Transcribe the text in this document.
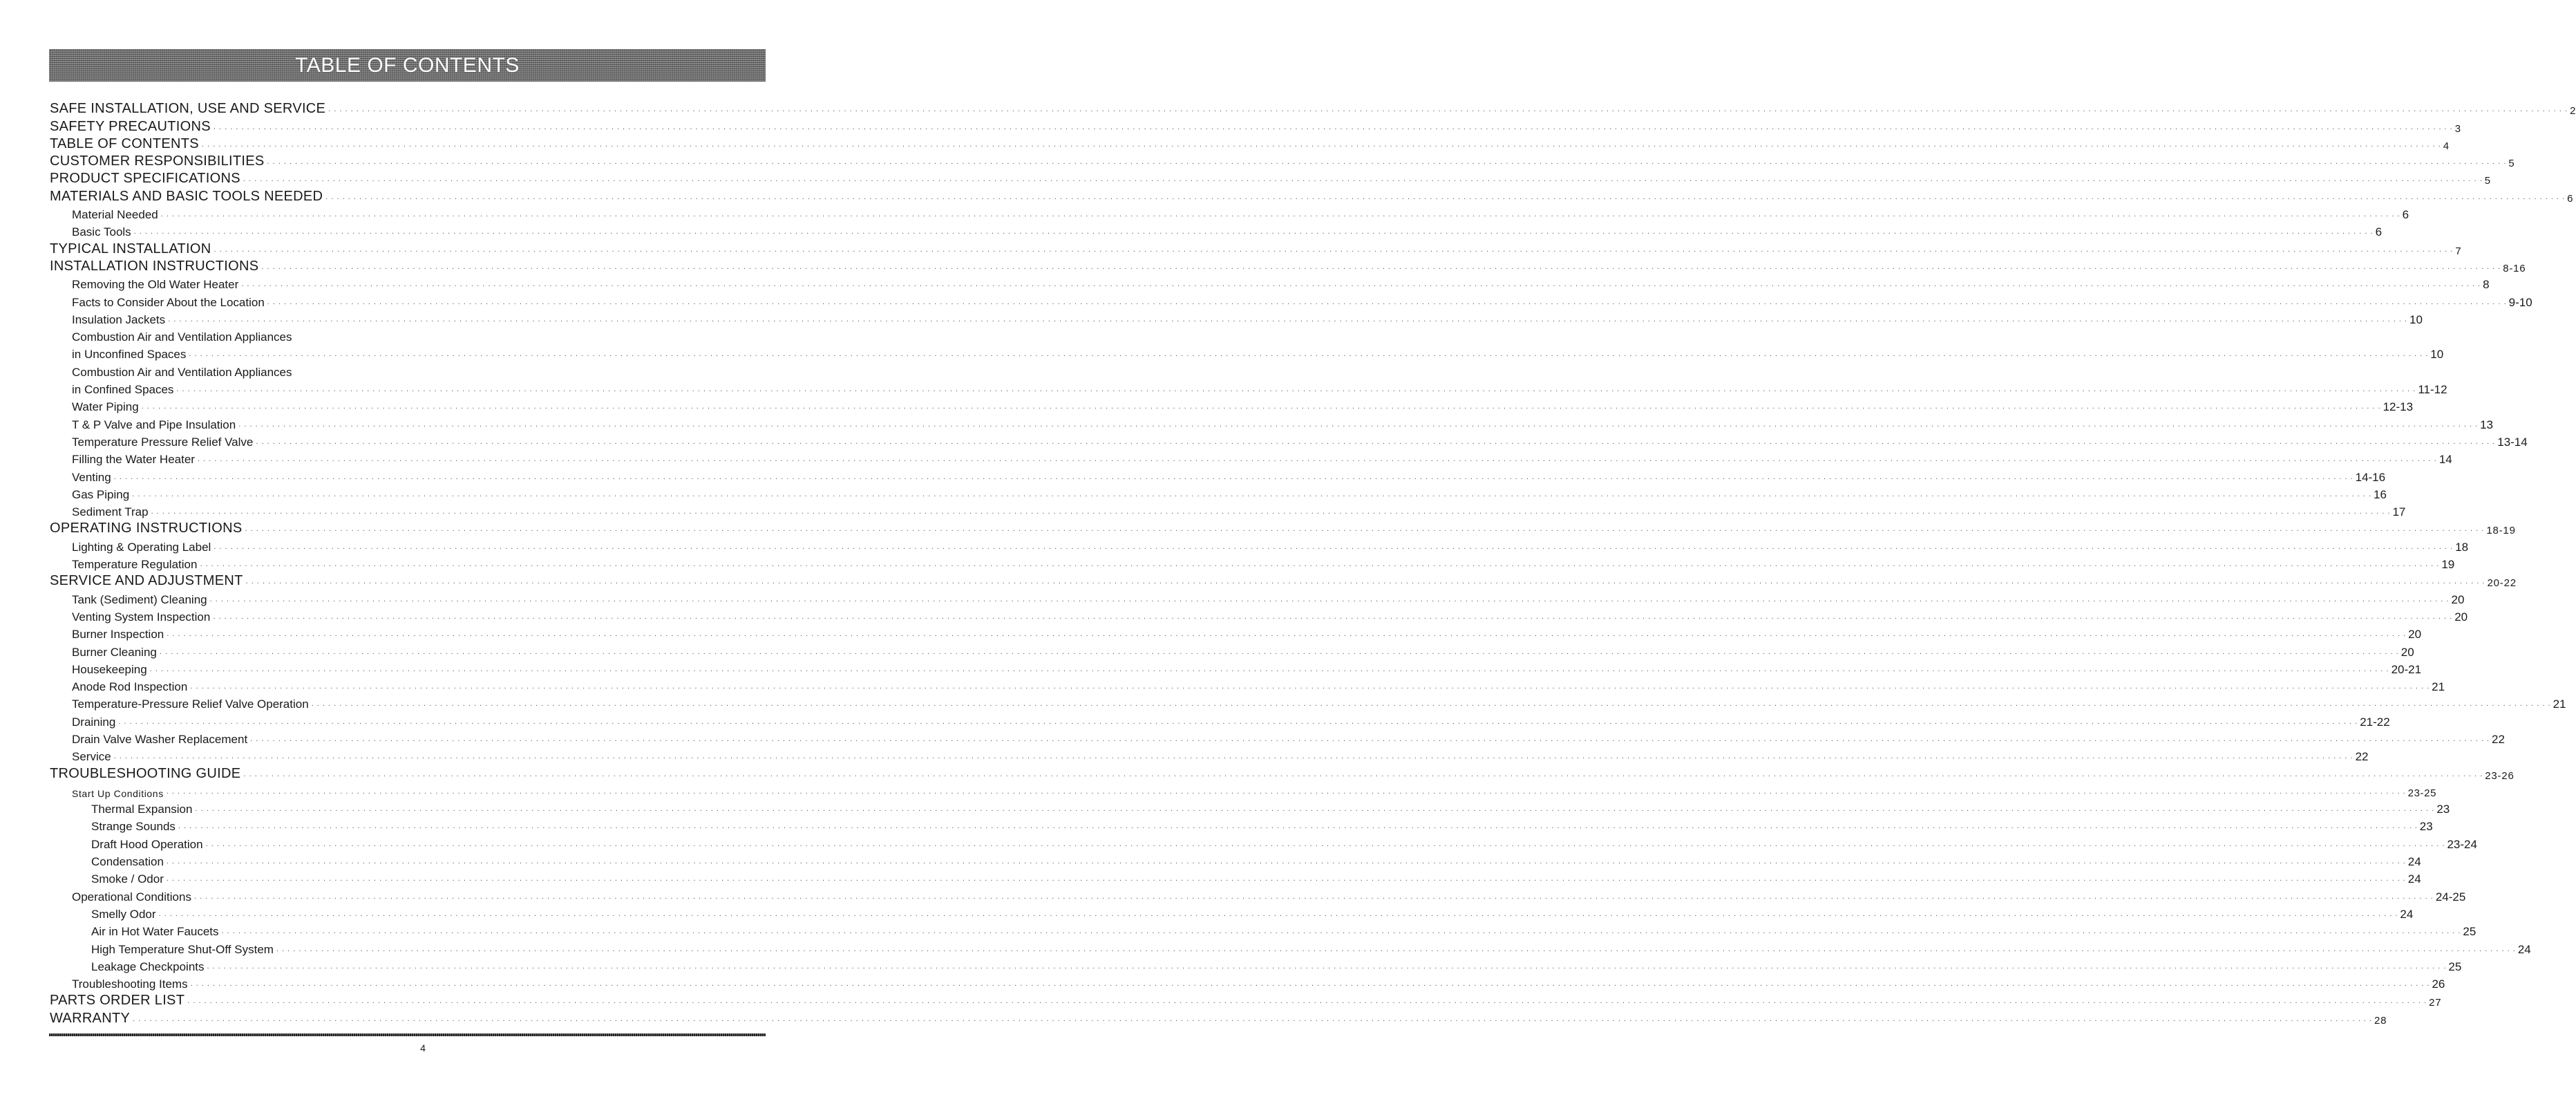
TABLE OF CONTENTS
SAFE INSTALLATION, USE AND SERVICE . . . . . . . . . . . . . . . . . . . . . . . . . . . . . . . . . . . . . . . . . . . . . . . . . . . . . . . . . . . . . . . . . . . . . . . . . . . . . . . . . . . . . . . . . . . . . . . . . . . . . . . . . . . . . . . . . . . . . . . . . . . . . . . . . . . . . . . . . . . . . . . . . . . . . . . . . . . . . . . . . . . . . . . . . . . . . . . . . . . . . . . . . . . . . . . . . . . . . . . . . . . . . . . . . . . . . . . . . . . . . . . . . . . . . . . . . . . . . . . . . . . . . . . . . . . . . . . . . . . . . . . . . . . . . . . . . . . . . . . . . . . . . . . . . . . . . . . . . . . . . . . . . . . . . . . . . . . . . . . . . . . . . . . . . . . . . . . . . . . . . . . . . . . . . . . . . . . . . . . . . . . . . . . . . . . . . . . . . . . . . . . . . . . . . . . . . . . . . . . . 2
SAFETY PRECAUTIONS . . . . . . . . . . . . . . . . . . . . . . . . . . . . . . . . . . . . . . . . . . . . . . . . . . . . . . . . . . . . . . . . . . . . . . . . . . . . . . . . . . . . . . . . . . . . . . . . . . . . . . . . . . . . . . . . . . . . . . . . . . . . . . . . . . . . . . . . . . . . . . . . . . . . . . . . . . . . . . . . . . . . . . . . . . . . . . . . . . . . . . . . . . . . . . . . . . . . . . . . . . . . . . . . . . . . . . . . . . . . . . . . . . . . . . . . . . . . . . . . . . . . . . . . . . . . . . . . . . . . . . . . . . . . . . . . . . . . . . . . . . . . . . . . . . . . . . . . . . . . . . . . . . . . . . . . . . . . . . . . . . . . . . . . . . . . . . . . . . . . . . . . . . . . . . . . . . . . . . . . . . . . . . . . . . . . . . . . . . . . . . . . . . . . . . . . . . . . . . . . 3
TABLE OF CONTENTS . . . . . . . . . . . . . . . . . . . . . . . . . . . . . . . . . . . . . . . . . . . . . . . . . . . . . . . . . . . . . . . . . . . . . . . . . . . . . . . . . . . . . . . . . . . . . . . . . . . . . . . . . . . . . . . . . . . . . . . . . . . . . . . . . . . . . . . . . . . . . . . . . . . . . . . . . . . . . . . . . . . . . . . . . . . . . . . . . . . . . . . . . . . . . . . . . . . . . . . . . . . . . . . . . . . . . . . . . . . . . . . . . . . . . . . . . . . . . . . . . . . . . . . . . . . . . . . . . . . . . . . . . . . . . . . . . . . . . . . . . . . . . . . . . . . . . . . . . . . . . . . . . . . . . . . . . . . . . . . . . . . . . . . . . . . . . . . . . . . . . . . . . . . . . . . . . . . . . . . . . . . . . . . . . . . . . . . . . . . . . . . . . . . . . . . . . . . . . . . . 4
CUSTOMER RESPONSIBILITIES . . . . . . . . . . . . . . . . . . . . . . . . . . . . . . . . . . . . . . . . . . . . . . . . . . . . . . . . . . . . . . . . . . . . . . . . . . . . . . . . . . . . . . . . . . . . . . . . . . . . . . . . . . . . . . . . . . . . . . . . . . . . . . . . . . . . . . . . . . . . . . . . . . . . . . . . . . . . . . . . . . . . . . . . . . . . . . . . . . . . . . . . . . . . . . . . . . . . . . . . . . . . . . . . . . . . . . . . . . . . . . . . . . . . . . . . . . . . . . . . . . . . . . . . . . . . . . . . . . . . . . . . . . . . . . . . . . . . . . . . . . . . . . . . . . . . . . . . . . . . . . . . . . . . . . . . . . . . . . . . . . . . . . . . . . . . . . . . . . . . . . . . . . . . . . . . . . . . . . . . . . . . . . . . . . . . . . . . . . . . . . . . . . . . . . . . . . . . . . . . 5
PRODUCT SPECIFICATIONS . . . . . . . . . . . . . . . . . . . . . . . . . . . . . . . . . . . . . . . . . . . . . . . . . . . . . . . . . . . . . . . . . . . . . . . . . . . . . . . . . . . . . . . . . . . . . . . . . . . . . . . . . . . . . . . . . . . . . . . . . . . . . . . . . . . . . . . . . . . . . . . . . . . . . . . . . . . . . . . . . . . . . . . . . . . . . . . . . . . . . . . . . . . . . . . . . . . . . . . . . . . . . . . . . . . . . . . . . . . . . . . . . . . . . . . . . . . . . . . . . . . . . . . . . . . . . . . . . . . . . . . . . . . . . . . . . . . . . . . . . . . . . . . . . . . . . . . . . . . . . . . . . . . . . . . . . . . . . . . . . . . . . . . . . . . . . . . . . . . . . . . . . . . . . . . . . . . . . . . . . . . . . . . . . . . . . . . . . . . . . . . . . . . . . . . . . . . . . . . . 5
MATERIALS AND BASIC TOOLS NEEDED . . . . . . . . . . . . . . . . . . . . . . . . . . . . . . . . . . . . . . . . . . . . . . . . . . . . . . . . . . . . . . . . . . . . . . . . . . . . . . . . . . . . . . . . . . . . . . . . . . . . . . . . . . . . . . . . . . . . . . . . . . . . . . . . . . . . . . . . . . . . . . . . . . . . . . . . . . . . . . . . . . . . . . . . . . . . . . . . . . . . . . . . . . . . . . . . . . . . . . . . . . . . . . . . . . . . . . . . . . . . . . . . . . . . . . . . . . . . . . . . . . . . . . . . . . . . . . . . . . . . . . . . . . . . . . . . . . . . . . . . . . . . . . . . . . . . . . . . . . . . . . . . . . . . . . . . . . . . . . . . . . . . . . . . . . . . . . . . . . . . . . . . . . . . . . . . . . . . . . . . . . . . . . . . . . . . . . . . . . . . . . . . . . . . . . . . . . . . . . . . 6
Material Needed . . . . . . . . . . . . . . . . . . . . . . . . . . . . . . . . . . . . . . . . . . . . . . . . . . . . . . . . . . . . . . . . . . . . . . . . . . . . . . . . . . . . . . . . . . . . . . . . . . . . . . . . . . . . . . . . . . . . . . . . . . . . . . . . . . . . . . . . . . . . . . . . . . . . . . . . . . . . . . . . . . . . . . . . . . . . . . . . . . . . . . . . . . . . . . . . . . . . . . . . . . . . . . . . . . . . . . . . . . . . . . . . . . . . . . . . . . . . . . . . . . . . . . . . . . . . . . . . . . . . . . . . . . . . . . . . . . . . . . . . . . . . . . . . . . . . . . . . . . . . . . . . . . . . . . . . . . . . . . . . . . . . . . . . . . . . . . . . . . . . . . . . . . . . . . . . . . . . . . . . . . . . . . . . . . . . . . . . . . . . . . . . . . . . . . . . . . . . . . . . 6
Basic Tools . . . . . . . . . . . . . . . . . . . . . . . . . . . . . . . . . . . . . . . . . . . . . . . . . . . . . . . . . . . . . . . . . . . . . . . . . . . . . . . . . . . . . . . . . . . . . . . . . . . . . . . . . . . . . . . . . . . . . . . . . . . . . . . . . . . . . . . . . . . . . . . . . . . . . . . . . . . . . . . . . . . . . . . . . . . . . . . . . . . . . . . . . . . . . . . . . . . . . . . . . . . . . . . . . . . . . . . . . . . . . . . . . . . . . . . . . . . . . . . . . . . . . . . . . . . . . . . . . . . . . . . . . . . . . . . . . . . . . . . . . . . . . . . . . . . . . . . . . . . . . . . . . . . . . . . . . . . . . . . . . . . . . . . . . . . . . . . . . . . . . . . . . . . . . . . . . . . . . . . . . . . . . . . . . . . . . . . . . . . . . . . . . . . . . . . . . . . . . . . . 6
TYPICAL INSTALLATION . . . . . . . . . . . . . . . . . . . . . . . . . . . . . . . . . . . . . . . . . . . . . . . . . . . . . . . . . . . . . . . . . . . . . . . . . . . . . . . . . . . . . . . . . . . . . . . . . . . . . . . . . . . . . . . . . . . . . . . . . . . . . . . . . . . . . . . . . . . . . . . . . . . . . . . . . . . . . . . . . . . . . . . . . . . . . . . . . . . . . . . . . . . . . . . . . . . . . . . . . . . . . . . . . . . . . . . . . . . . . . . . . . . . . . . . . . . . . . . . . . . . . . . . . . . . . . . . . . . . . . . . . . . . . . . . . . . . . . . . . . . . . . . . . . . . . . . . . . . . . . . . . . . . . . . . . . . . . . . . . . . . . . . . . . . . . . . . . . . . . . . . . . . . . . . . . . . . . . . . . . . . . . . . . . . . . . . . . . . . . . . . . . . . . . . . . . . . . . . . 7
INSTALLATION INSTRUCTIONS . . . . . . . . . . . . . . . . . . . . . . . . . . . . . . . . . . . . . . . . . . . . . . . . . . . . . . . . . . . . . . . . . . . . . . . . . . . . . . . . . . . . . . . . . . . . . . . . . . . . . . . . . . . . . . . . . . . . . . . . . . . . . . . . . . . . . . . . . . . . . . . . . . . . . . . . . . . . . . . . . . . . . . . . . . . . . . . . . . . . . . . . . . . . . . . . . . . . . . . . . . . . . . . . . . . . . . . . . . . . . . . . . . . . . . . . . . . . . . . . . . . . . . . . . . . . . . . . . . . . . . . . . . . . . . . . . . . . . . . . . . . . . . . . . . . . . . . . . . . . . . . . . . . . . . . . . . . . . . . . . . . . . . . . . . . . . . . . . . . . . . . . . . . . . . . . . . . . . . . . . . . . . . . . . . . . . . . . . . . . . . . . . . . . . . . . . . . . . . . . 8-16
Removing the Old Water Heater . . . . . . . . . . . . . . . . . . . . . . . . . . . . . . . . . . . . . . . . . . . . . . . . . . . . . . . . . . . . . . . . . . . . . . . . . . . . . . . . . . . . . . . . . . . . . . . . . . . . . . . . . . . . . . . . . . . . . . . . . . . . . . . . . . . . . . . . . . . . . . . . . . . . . . . . . . . . . . . . . . . . . . . . . . . . . . . . . . . . . . . . . . . . . . . . . . . . . . . . . . . . . . . . . . . . . . . . . . . . . . . . . . . . . . . . . . . . . . . . . . . . . . . . . . . . . . . . . . . . . . . . . . . . . . . . . . . . . . . . . . . . . . . . . . . . . . . . . . . . . . . . . . . . . . . . . . . . . . . . . . . . . . . . . . . . . . . . . . . . . . . . . . . . . . . . . . . . . . . . . . . . . . . . . . . . . . . . . . . . . . . . . . . . . . . . . . . . . . . . 8
Facts to Consider About the Location . . . . . . . . . . . . . . . . . . . . . . . . . . . . . . . . . . . . . . . . . . . . . . . . . . . . . . . . . . . . . . . . . . . . . . . . . . . . . . . . . . . . . . . . . . . . . . . . . . . . . . . . . . . . . . . . . . . . . . . . . . . . . . . . . . . . . . . . . . . . . . . . . . . . . . . . . . . . . . . . . . . . . . . . . . . . . . . . . . . . . . . . . . . . . . . . . . . . . . . . . . . . . . . . . . . . . . . . . . . . . . . . . . . . . . . . . . . . . . . . . . . . . . . . . . . . . . . . . . . . . . . . . . . . . . . . . . . . . . . . . . . . . . . . . . . . . . . . . . . . . . . . . . . . . . . . . . . . . . . . . . . . . . . . . . . . . . . . . . . . . . . . . . . . . . . . . . . . . . . . . . . . . . . . . . . . . . . . . . . . . . . . . . . . . . . . . . . . . . . . 9-10
Insulation Jackets . . . . . . . . . . . . . . . . . . . . . . . . . . . . . . . . . . . . . . . . . . . . . . . . . . . . . . . . . . . . . . . . . . . . . . . . . . . . . . . . . . . . . . . . . . . . . . . . . . . . . . . . . . . . . . . . . . . . . . . . . . . . . . . . . . . . . . . . . . . . . . . . . . . . . . . . . . . . . . . . . . . . . . . . . . . . . . . . . . . . . . . . . . . . . . . . . . . . . . . . . . . . . . . . . . . . . . . . . . . . . . . . . . . . . . . . . . . . . . . . . . . . . . . . . . . . . . . . . . . . . . . . . . . . . . . . . . . . . . . . . . . . . . . . . . . . . . . . . . . . . . . . . . . . . . . . . . . . . . . . . . . . . . . . . . . . . . . . . . . . . . . . . . . . . . . . . . . . . . . . . . . . . . . . . . . . . . . . . . . . . . . . . . . . . . . . . . . . . . . . 10
Combustion Air and Ventilation Appliances
in Unconfined Spaces . . . . . . . . . . . . . . . . . . . . . . . . . . . . . . . . . . . . . . . . . . . . . . . . . . . . . . . . . . . . . . . . . . . . . . . . . . . . . . . . . . . . . . . . . . . . . . . . . . . . . . . . . . . . . . . . . . . . . . . . . . . . . . . . . . . . . . . . . . . . . . . . . . . . . . . . . . . . . . . . . . . . . . . . . . . . . . . . . . . . . . . . . . . . . . . . . . . . . . . . . . . . . . . . . . . . . . . . . . . . . . . . . . . . . . . . . . . . . . . . . . . . . . . . . . . . . . . . . . . . . . . . . . . . . . . . . . . . . . . . . . . . . . . . . . . . . . . . . . . . . . . . . . . . . . . . . . . . . . . . . . . . . . . . . . . . . . . . . . . . . . . . . . . . . . . . . . . . . . . . . . . . . . . . . . . . . . . . . . . . . . . . . . . . . . . . . . . . . . . . 10
Combustion Air and Ventilation Appliances
in Confined Spaces . . . . . . . . . . . . . . . . . . . . . . . . . . . . . . . . . . . . . . . . . . . . . . . . . . . . . . . . . . . . . . . . . . . . . . . . . . . . . . . . . . . . . . . . . . . . . . . . . . . . . . . . . . . . . . . . . . . . . . . . . . . . . . . . . . . . . . . . . . . . . . . . . . . . . . . . . . . . . . . . . . . . . . . . . . . . . . . . . . . . . . . . . . . . . . . . . . . . . . . . . . . . . . . . . . . . . . . . . . . . . . . . . . . . . . . . . . . . . . . . . . . . . . . . . . . . . . . . . . . . . . . . . . . . . . . . . . . . . . . . . . . . . . . . . . . . . . . . . . . . . . . . . . . . . . . . . . . . . . . . . . . . . . . . . . . . . . . . . . . . . . . . . . . . . . . . . . . . . . . . . . . . . . . . . . . . . . . . . . . . . . . . . . . . . . . . . . . . . . . . 11-12
Water Piping . . . . . . . . . . . . . . . . . . . . . . . . . . . . . . . . . . . . . . . . . . . . . . . . . . . . . . . . . . . . . . . . . . . . . . . . . . . . . . . . . . . . . . . . . . . . . . . . . . . . . . . . . . . . . . . . . . . . . . . . . . . . . . . . . . . . . . . . . . . . . . . . . . . . . . . . . . . . . . . . . . . . . . . . . . . . . . . . . . . . . . . . . . . . . . . . . . . . . . . . . . . . . . . . . . . . . . . . . . . . . . . . . . . . . . . . . . . . . . . . . . . . . . . . . . . . . . . . . . . . . . . . . . . . . . . . . . . . . . . . . . . . . . . . . . . . . . . . . . . . . . . . . . . . . . . . . . . . . . . . . . . . . . . . . . . . . . . . . . . . . . . . . . . . . . . . . . . . . . . . . . . . . . . . . . . . . . . . . . . . . . . . . . . . . . . . . . . . . . . . 12-13
T & P Valve and Pipe Insulation . . . . . . . . . . . . . . . . . . . . . . . . . . . . . . . . . . . . . . . . . . . . . . . . . . . . . . . . . . . . . . . . . . . . . . . . . . . . . . . . . . . . . . . . . . . . . . . . . . . . . . . . . . . . . . . . . . . . . . . . . . . . . . . . . . . . . . . . . . . . . . . . . . . . . . . . . . . . . . . . . . . . . . . . . . . . . . . . . . . . . . . . . . . . . . . . . . . . . . . . . . . . . . . . . . . . . . . . . . . . . . . . . . . . . . . . . . . . . . . . . . . . . . . . . . . . . . . . . . . . . . . . . . . . . . . . . . . . . . . . . . . . . . . . . . . . . . . . . . . . . . . . . . . . . . . . . . . . . . . . . . . . . . . . . . . . . . . . . . . . . . . . . . . . . . . . . . . . . . . . . . . . . . . . . . . . . . . . . . . . . . . . . . . . . . . . . . . . . . . . 13
Temperature Pressure Relief Valve . . . . . . . . . . . . . . . . . . . . . . . . . . . . . . . . . . . . . . . . . . . . . . . . . . . . . . . . . . . . . . . . . . . . . . . . . . . . . . . . . . . . . . . . . . . . . . . . . . . . . . . . . . . . . . . . . . . . . . . . . . . . . . . . . . . . . . . . . . . . . . . . . . . . . . . . . . . . . . . . . . . . . . . . . . . . . . . . . . . . . . . . . . . . . . . . . . . . . . . . . . . . . . . . . . . . . . . . . . . . . . . . . . . . . . . . . . . . . . . . . . . . . . . . . . . . . . . . . . . . . . . . . . . . . . . . . . . . . . . . . . . . . . . . . . . . . . . . . . . . . . . . . . . . . . . . . . . . . . . . . . . . . . . . . . . . . . . . . . . . . . . . . . . . . . . . . . . . . . . . . . . . . . . . . . . . . . . . . . . . . . . . . . . . . . . . . . . . . . . . 13-14
Filling the Water Heater . . . . . . . . . . . . . . . . . . . . . . . . . . . . . . . . . . . . . . . . . . . . . . . . . . . . . . . . . . . . . . . . . . . . . . . . . . . . . . . . . . . . . . . . . . . . . . . . . . . . . . . . . . . . . . . . . . . . . . . . . . . . . . . . . . . . . . . . . . . . . . . . . . . . . . . . . . . . . . . . . . . . . . . . . . . . . . . . . . . . . . . . . . . . . . . . . . . . . . . . . . . . . . . . . . . . . . . . . . . . . . . . . . . . . . . . . . . . . . . . . . . . . . . . . . . . . . . . . . . . . . . . . . . . . . . . . . . . . . . . . . . . . . . . . . . . . . . . . . . . . . . . . . . . . . . . . . . . . . . . . . . . . . . . . . . . . . . . . . . . . . . . . . . . . . . . . . . . . . . . . . . . . . . . . . . . . . . . . . . . . . . . . . . . . . . . . . . . . . . . 14
Venting . . . . . . . . . . . . . . . . . . . . . . . . . . . . . . . . . . . . . . . . . . . . . . . . . . . . . . . . . . . . . . . . . . . . . . . . . . . . . . . . . . . . . . . . . . . . . . . . . . . . . . . . . . . . . . . . . . . . . . . . . . . . . . . . . . . . . . . . . . . . . . . . . . . . . . . . . . . . . . . . . . . . . . . . . . . . . . . . . . . . . . . . . . . . . . . . . . . . . . . . . . . . . . . . . . . . . . . . . . . . . . . . . . . . . . . . . . . . . . . . . . . . . . . . . . . . . . . . . . . . . . . . . . . . . . . . . . . . . . . . . . . . . . . . . . . . . . . . . . . . . . . . . . . . . . . . . . . . . . . . . . . . . . . . . . . . . . . . . . . . . . . . . . . . . . . . . . . . . . . . . . . . . . . . . . . . . . . . . . . . . . . . . . . . . . . . . . . . . . . . 14-16
Gas Piping . . . . . . . . . . . . . . . . . . . . . . . . . . . . . . . . . . . . . . . . . . . . . . . . . . . . . . . . . . . . . . . . . . . . . . . . . . . . . . . . . . . . . . . . . . . . . . . . . . . . . . . . . . . . . . . . . . . . . . . . . . . . . . . . . . . . . . . . . . . . . . . . . . . . . . . . . . . . . . . . . . . . . . . . . . . . . . . . . . . . . . . . . . . . . . . . . . . . . . . . . . . . . . . . . . . . . . . . . . . . . . . . . . . . . . . . . . . . . . . . . . . . . . . . . . . . . . . . . . . . . . . . . . . . . . . . . . . . . . . . . . . . . . . . . . . . . . . . . . . . . . . . . . . . . . . . . . . . . . . . . . . . . . . . . . . . . . . . . . . . . . . . . . . . . . . . . . . . . . . . . . . . . . . . . . . . . . . . . . . . . . . . . . . . . . . . . . . . . . . . 16
Sediment Trap . . . . . . . . . . . . . . . . . . . . . . . . . . . . . . . . . . . . . . . . . . . . . . . . . . . . . . . . . . . . . . . . . . . . . . . . . . . . . . . . . . . . . . . . . . . . . . . . . . . . . . . . . . . . . . . . . . . . . . . . . . . . . . . . . . . . . . . . . . . . . . . . . . . . . . . . . . . . . . . . . . . . . . . . . . . . . . . . . . . . . . . . . . . . . . . . . . . . . . . . . . . . . . . . . . . . . . . . . . . . . . . . . . . . . . . . . . . . . . . . . . . . . . . . . . . . . . . . . . . . . . . . . . . . . . . . . . . . . . . . . . . . . . . . . . . . . . . . . . . . . . . . . . . . . . . . . . . . . . . . . . . . . . . . . . . . . . . . . . . . . . . . . . . . . . . . . . . . . . . . . . . . . . . . . . . . . . . . . . . . . . . . . . . . . . . . . . . . . . . . 17
OPERATING INSTRUCTIONS . . . . . . . . . . . . . . . . . . . . . . . . . . . . . . . . . . . . . . . . . . . . . . . . . . . . . . . . . . . . . . . . . . . . . . . . . . . . . . . . . . . . . . . . . . . . . . . . . . . . . . . . . . . . . . . . . . . . . . . . . . . . . . . . . . . . . . . . . . . . . . . . . . . . . . . . . . . . . . . . . . . . . . . . . . . . . . . . . . . . . . . . . . . . . . . . . . . . . . . . . . . . . . . . . . . . . . . . . . . . . . . . . . . . . . . . . . . . . . . . . . . . . . . . . . . . . . . . . . . . . . . . . . . . . . . . . . . . . . . . . . . . . . . . . . . . . . . . . . . . . . . . . . . . . . . . . . . . . . . . . . . . . . . . . . . . . . . . . . . . . . . . . . . . . . . . . . . . . . . . . . . . . . . . . . . . . . . . . . . . . . . . . . . . . . . . . . . . . . . . 18-19
Lighting & Operating Label . . . . . . . . . . . . . . . . . . . . . . . . . . . . . . . . . . . . . . . . . . . . . . . . . . . . . . . . . . . . . . . . . . . . . . . . . . . . . . . . . . . . . . . . . . . . . . . . . . . . . . . . . . . . . . . . . . . . . . . . . . . . . . . . . . . . . . . . . . . . . . . . . . . . . . . . . . . . . . . . . . . . . . . . . . . . . . . . . . . . . . . . . . . . . . . . . . . . . . . . . . . . . . . . . . . . . . . . . . . . . . . . . . . . . . . . . . . . . . . . . . . . . . . . . . . . . . . . . . . . . . . . . . . . . . . . . . . . . . . . . . . . . . . . . . . . . . . . . . . . . . . . . . . . . . . . . . . . . . . . . . . . . . . . . . . . . . . . . . . . . . . . . . . . . . . . . . . . . . . . . . . . . . . . . . . . . . . . . . . . . . . . . . . . . . . . . . . . . . . . 18
Temperature Regulation . . . . . . . . . . . . . . . . . . . . . . . . . . . . . . . . . . . . . . . . . . . . . . . . . . . . . . . . . . . . . . . . . . . . . . . . . . . . . . . . . . . . . . . . . . . . . . . . . . . . . . . . . . . . . . . . . . . . . . . . . . . . . . . . . . . . . . . . . . . . . . . . . . . . . . . . . . . . . . . . . . . . . . . . . . . . . . . . . . . . . . . . . . . . . . . . . . . . . . . . . . . . . . . . . . . . . . . . . . . . . . . . . . . . . . . . . . . . . . . . . . . . . . . . . . . . . . . . . . . . . . . . . . . . . . . . . . . . . . . . . . . . . . . . . . . . . . . . . . . . . . . . . . . . . . . . . . . . . . . . . . . . . . . . . . . . . . . . . . . . . . . . . . . . . . . . . . . . . . . . . . . . . . . . . . . . . . . . . . . . . . . . . . . . . . . . . . . . . . . . 19
SERVICE AND ADJUSTMENT . . . . . . . . . . . . . . . . . . . . . . . . . . . . . . . . . . . . . . . . . . . . . . . . . . . . . . . . . . . . . . . . . . . . . . . . . . . . . . . . . . . . . . . . . . . . . . . . . . . . . . . . . . . . . . . . . . . . . . . . . . . . . . . . . . . . . . . . . . . . . . . . . . . . . . . . . . . . . . . . . . . . . . . . . . . . . . . . . . . . . . . . . . . . . . . . . . . . . . . . . . . . . . . . . . . . . . . . . . . . . . . . . . . . . . . . . . . . . . . . . . . . . . . . . . . . . . . . . . . . . . . . . . . . . . . . . . . . . . . . . . . . . . . . . . . . . . . . . . . . . . . . . . . . . . . . . . . . . . . . . . . . . . . . . . . . . . . . . . . . . . . . . . . . . . . . . . . . . . . . . . . . . . . . . . . . . . . . . . . . . . . . . . . . . . . . . . . . . . . . 20-22
Tank (Sediment) Cleaning . . . . . . . . . . . . . . . . . . . . . . . . . . . . . . . . . . . . . . . . . . . . . . . . . . . . . . . . . . . . . . . . . . . . . . . . . . . . . . . . . . . . . . . . . . . . . . . . . . . . . . . . . . . . . . . . . . . . . . . . . . . . . . . . . . . . . . . . . . . . . . . . . . . . . . . . . . . . . . . . . . . . . . . . . . . . . . . . . . . . . . . . . . . . . . . . . . . . . . . . . . . . . . . . . . . . . . . . . . . . . . . . . . . . . . . . . . . . . . . . . . . . . . . . . . . . . . . . . . . . . . . . . . . . . . . . . . . . . . . . . . . . . . . . . . . . . . . . . . . . . . . . . . . . . . . . . . . . . . . . . . . . . . . . . . . . . . . . . . . . . . . . . . . . . . . . . . . . . . . . . . . . . . . . . . . . . . . . . . . . . . . . . . . . . . . . . . . . . . . . 20
Venting System Inspection . . . . . . . . . . . . . . . . . . . . . . . . . . . . . . . . . . . . . . . . . . . . . . . . . . . . . . . . . . . . . . . . . . . . . . . . . . . . . . . . . . . . . . . . . . . . . . . . . . . . . . . . . . . . . . . . . . . . . . . . . . . . . . . . . . . . . . . . . . . . . . . . . . . . . . . . . . . . . . . . . . . . . . . . . . . . . . . . . . . . . . . . . . . . . . . . . . . . . . . . . . . . . . . . . . . . . . . . . . . . . . . . . . . . . . . . . . . . . . . . . . . . . . . . . . . . . . . . . . . . . . . . . . . . . . . . . . . . . . . . . . . . . . . . . . . . . . . . . . . . . . . . . . . . . . . . . . . . . . . . . . . . . . . . . . . . . . . . . . . . . . . . . . . . . . . . . . . . . . . . . . . . . . . . . . . . . . . . . . . . . . . . . . . . . . . . . . . . . . . . 20
Burner Inspection . . . . . . . . . . . . . . . . . . . . . . . . . . . . . . . . . . . . . . . . . . . . . . . . . . . . . . . . . . . . . . . . . . . . . . . . . . . . . . . . . . . . . . . . . . . . . . . . . . . . . . . . . . . . . . . . . . . . . . . . . . . . . . . . . . . . . . . . . . . . . . . . . . . . . . . . . . . . . . . . . . . . . . . . . . . . . . . . . . . . . . . . . . . . . . . . . . . . . . . . . . . . . . . . . . . . . . . . . . . . . . . . . . . . . . . . . . . . . . . . . . . . . . . . . . . . . . . . . . . . . . . . . . . . . . . . . . . . . . . . . . . . . . . . . . . . . . . . . . . . . . . . . . . . . . . . . . . . . . . . . . . . . . . . . . . . . . . . . . . . . . . . . . . . . . . . . . . . . . . . . . . . . . . . . . . . . . . . . . . . . . . . . . . . . . . . . . . . . . . . 20
Burner Cleaning . . . . . . . . . . . . . . . . . . . . . . . . . . . . . . . . . . . . . . . . . . . . . . . . . . . . . . . . . . . . . . . . . . . . . . . . . . . . . . . . . . . . . . . . . . . . . . . . . . . . . . . . . . . . . . . . . . . . . . . . . . . . . . . . . . . . . . . . . . . . . . . . . . . . . . . . . . . . . . . . . . . . . . . . . . . . . . . . . . . . . . . . . . . . . . . . . . . . . . . . . . . . . . . . . . . . . . . . . . . . . . . . . . . . . . . . . . . . . . . . . . . . . . . . . . . . . . . . . . . . . . . . . . . . . . . . . . . . . . . . . . . . . . . . . . . . . . . . . . . . . . . . . . . . . . . . . . . . . . . . . . . . . . . . . . . . . . . . . . . . . . . . . . . . . . . . . . . . . . . . . . . . . . . . . . . . . . . . . . . . . . . . . . . . . . . . . . . . . . . . 20
Housekeeping . . . . . . . . . . . . . . . . . . . . . . . . . . . . . . . . . . . . . . . . . . . . . . . . . . . . . . . . . . . . . . . . . . . . . . . . . . . . . . . . . . . . . . . . . . . . . . . . . . . . . . . . . . . . . . . . . . . . . . . . . . . . . . . . . . . . . . . . . . . . . . . . . . . . . . . . . . . . . . . . . . . . . . . . . . . . . . . . . . . . . . . . . . . . . . . . . . . . . . . . . . . . . . . . . . . . . . . . . . . . . . . . . . . . . . . . . . . . . . . . . . . . . . . . . . . . . . . . . . . . . . . . . . . . . . . . . . . . . . . . . . . . . . . . . . . . . . . . . . . . . . . . . . . . . . . . . . . . . . . . . . . . . . . . . . . . . . . . . . . . . . . . . . . . . . . . . . . . . . . . . . . . . . . . . . . . . . . . . . . . . . . . . . . . . . . . . . . . . . . . 20-21
Anode Rod Inspection . . . . . . . . . . . . . . . . . . . . . . . . . . . . . . . . . . . . . . . . . . . . . . . . . . . . . . . . . . . . . . . . . . . . . . . . . . . . . . . . . . . . . . . . . . . . . . . . . . . . . . . . . . . . . . . . . . . . . . . . . . . . . . . . . . . . . . . . . . . . . . . . . . . . . . . . . . . . . . . . . . . . . . . . . . . . . . . . . . . . . . . . . . . . . . . . . . . . . . . . . . . . . . . . . . . . . . . . . . . . . . . . . . . . . . . . . . . . . . . . . . . . . . . . . . . . . . . . . . . . . . . . . . . . . . . . . . . . . . . . . . . . . . . . . . . . . . . . . . . . . . . . . . . . . . . . . . . . . . . . . . . . . . . . . . . . . . . . . . . . . . . . . . . . . . . . . . . . . . . . . . . . . . . . . . . . . . . . . . . . . . . . . . . . . . . . . . . . . . . . 21
Temperature-Pressure Relief Valve Operation . . . . . . . . . . . . . . . . . . . . . . . . . . . . . . . . . . . . . . . . . . . . . . . . . . . . . . . . . . . . . . . . . . . . . . . . . . . . . . . . . . . . . . . . . . . . . . . . . . . . . . . . . . . . . . . . . . . . . . . . . . . . . . . . . . . . . . . . . . . . . . . . . . . . . . . . . . . . . . . . . . . . . . . . . . . . . . . . . . . . . . . . . . . . . . . . . . . . . . . . . . . . . . . . . . . . . . . . . . . . . . . . . . . . . . . . . . . . . . . . . . . . . . . . . . . . . . . . . . . . . . . . . . . . . . . . . . . . . . . . . . . . . . . . . . . . . . . . . . . . . . . . . . . . . . . . . . . . . . . . . . . . . . . . . . . . . . . . . . . . . . . . . . . . . . . . . . . . . . . . . . . . . . . . . . . . . . . . . . . . . . . . . . . . . . . . . . . . . . . . 21
Draining . . . . . . . . . . . . . . . . . . . . . . . . . . . . . . . . . . . . . . . . . . . . . . . . . . . . . . . . . . . . . . . . . . . . . . . . . . . . . . . . . . . . . . . . . . . . . . . . . . . . . . . . . . . . . . . . . . . . . . . . . . . . . . . . . . . . . . . . . . . . . . . . . . . . . . . . . . . . . . . . . . . . . . . . . . . . . . . . . . . . . . . . . . . . . . . . . . . . . . . . . . . . . . . . . . . . . . . . . . . . . . . . . . . . . . . . . . . . . . . . . . . . . . . . . . . . . . . . . . . . . . . . . . . . . . . . . . . . . . . . . . . . . . . . . . . . . . . . . . . . . . . . . . . . . . . . . . . . . . . . . . . . . . . . . . . . . . . . . . . . . . . . . . . . . . . . . . . . . . . . . . . . . . . . . . . . . . . . . . . . . . . . . . . . . . . . . . . . . . . . 21-22
Drain Valve Washer Replacement . . . . . . . . . . . . . . . . . . . . . . . . . . . . . . . . . . . . . . . . . . . . . . . . . . . . . . . . . . . . . . . . . . . . . . . . . . . . . . . . . . . . . . . . . . . . . . . . . . . . . . . . . . . . . . . . . . . . . . . . . . . . . . . . . . . . . . . . . . . . . . . . . . . . . . . . . . . . . . . . . . . . . . . . . . . . . . . . . . . . . . . . . . . . . . . . . . . . . . . . . . . . . . . . . . . . . . . . . . . . . . . . . . . . . . . . . . . . . . . . . . . . . . . . . . . . . . . . . . . . . . . . . . . . . . . . . . . . . . . . . . . . . . . . . . . . . . . . . . . . . . . . . . . . . . . . . . . . . . . . . . . . . . . . . . . . . . . . . . . . . . . . . . . . . . . . . . . . . . . . . . . . . . . . . . . . . . . . . . . . . . . . . . . . . . . . . . . . . . . . 22
Service . . . . . . . . . . . . . . . . . . . . . . . . . . . . . . . . . . . . . . . . . . . . . . . . . . . . . . . . . . . . . . . . . . . . . . . . . . . . . . . . . . . . . . . . . . . . . . . . . . . . . . . . . . . . . . . . . . . . . . . . . . . . . . . . . . . . . . . . . . . . . . . . . . . . . . . . . . . . . . . . . . . . . . . . . . . . . . . . . . . . . . . . . . . . . . . . . . . . . . . . . . . . . . . . . . . . . . . . . . . . . . . . . . . . . . . . . . . . . . . . . . . . . . . . . . . . . . . . . . . . . . . . . . . . . . . . . . . . . . . . . . . . . . . . . . . . . . . . . . . . . . . . . . . . . . . . . . . . . . . . . . . . . . . . . . . . . . . . . . . . . . . . . . . . . . . . . . . . . . . . . . . . . . . . . . . . . . . . . . . . . . . . . . . . . . . . . . . . . . . . 22
TROUBLESHOOTING GUIDE . . . . . . . . . . . . . . . . . . . . . . . . . . . . . . . . . . . . . . . . . . . . . . . . . . . . . . . . . . . . . . . . . . . . . . . . . . . . . . . . . . . . . . . . . . . . . . . . . . . . . . . . . . . . . . . . . . . . . . . . . . . . . . . . . . . . . . . . . . . . . . . . . . . . . . . . . . . . . . . . . . . . . . . . . . . . . . . . . . . . . . . . . . . . . . . . . . . . . . . . . . . . . . . . . . . . . . . . . . . . . . . . . . . . . . . . . . . . . . . . . . . . . . . . . . . . . . . . . . . . . . . . . . . . . . . . . . . . . . . . . . . . . . . . . . . . . . . . . . . . . . . . . . . . . . . . . . . . . . . . . . . . . . . . . . . . . . . . . . . . . . . . . . . . . . . . . . . . . . . . . . . . . . . . . . . . . . . . . . . . . . . . . . . . . . . . . . . . . . . . 23-26
Start Up Conditions . . . . . . . . . . . . . . . . . . . . . . . . . . . . . . . . . . . . . . . . . . . . . . . . . . . . . . . . . . . . . . . . . . . . . . . . . . . . . . . . . . . . . . . . . . . . . . . . . . . . . . . . . . . . . . . . . . . . . . . . . . . . . . . . . . . . . . . . . . . . . . . . . . . . . . . . . . . . . . . . . . . . . . . . . . . . . . . . . . . . . . . . . . . . . . . . . . . . . . . . . . . . . . . . . . . . . . . . . . . . . . . . . . . . . . . . . . . . . . . . . . . . . . . . . . . . . . . . . . . . . . . . . . . . . . . . . . . . . . . . . . . . . . . . . . . . . . . . . . . . . . . . . . . . . . . . . . . . . . . . . . . . . . . . . . . . . . . . . . . . . . . . . . . . . . . . . . . . . . . . . . . . . . . . . . . . . . . . . . . . . . . . . . . . . . . . . . . . . . . . 23-25
Thermal Expansion . . . . . . . . . . . . . . . . . . . . . . . . . . . . . . . . . . . . . . . . . . . . . . . . . . . . . . . . . . . . . . . . . . . . . . . . . . . . . . . . . . . . . . . . . . . . . . . . . . . . . . . . . . . . . . . . . . . . . . . . . . . . . . . . . . . . . . . . . . . . . . . . . . . . . . . . . . . . . . . . . . . . . . . . . . . . . . . . . . . . . . . . . . . . . . . . . . . . . . . . . . . . . . . . . . . . . . . . . . . . . . . . . . . . . . . . . . . . . . . . . . . . . . . . . . . . . . . . . . . . . . . . . . . . . . . . . . . . . . . . . . . . . . . . . . . . . . . . . . . . . . . . . . . . . . . . . . . . . . . . . . . . . . . . . . . . . . . . . . . . . . . . . . . . . . . . . . . . . . . . . . . . . . . . . . . . . . . . . . . . . . . . . . . . . . . . . . . . . . . . 23
Strange Sounds . . . . . . . . . . . . . . . . . . . . . . . . . . . . . . . . . . . . . . . . . . . . . . . . . . . . . . . . . . . . . . . . . . . . . . . . . . . . . . . . . . . . . . . . . . . . . . . . . . . . . . . . . . . . . . . . . . . . . . . . . . . . . . . . . . . . . . . . . . . . . . . . . . . . . . . . . . . . . . . . . . . . . . . . . . . . . . . . . . . . . . . . . . . . . . . . . . . . . . . . . . . . . . . . . . . . . . . . . . . . . . . . . . . . . . . . . . . . . . . . . . . . . . . . . . . . . . . . . . . . . . . . . . . . . . . . . . . . . . . . . . . . . . . . . . . . . . . . . . . . . . . . . . . . . . . . . . . . . . . . . . . . . . . . . . . . . . . . . . . . . . . . . . . . . . . . . . . . . . . . . . . . . . . . . . . . . . . . . . . . . . . . . . . . . . . . . . . . . . . . 23
Draft Hood Operation . . . . . . . . . . . . . . . . . . . . . . . . . . . . . . . . . . . . . . . . . . . . . . . . . . . . . . . . . . . . . . . . . . . . . . . . . . . . . . . . . . . . . . . . . . . . . . . . . . . . . . . . . . . . . . . . . . . . . . . . . . . . . . . . . . . . . . . . . . . . . . . . . . . . . . . . . . . . . . . . . . . . . . . . . . . . . . . . . . . . . . . . . . . . . . . . . . . . . . . . . . . . . . . . . . . . . . . . . . . . . . . . . . . . . . . . . . . . . . . . . . . . . . . . . . . . . . . . . . . . . . . . . . . . . . . . . . . . . . . . . . . . . . . . . . . . . . . . . . . . . . . . . . . . . . . . . . . . . . . . . . . . . . . . . . . . . . . . . . . . . . . . . . . . . . . . . . . . . . . . . . . . . . . . . . . . . . . . . . . . . . . . . . . . . . . . . . . . . . . . 23-24
Condensation . . . . . . . . . . . . . . . . . . . . . . . . . . . . . . . . . . . . . . . . . . . . . . . . . . . . . . . . . . . . . . . . . . . . . . . . . . . . . . . . . . . . . . . . . . . . . . . . . . . . . . . . . . . . . . . . . . . . . . . . . . . . . . . . . . . . . . . . . . . . . . . . . . . . . . . . . . . . . . . . . . . . . . . . . . . . . . . . . . . . . . . . . . . . . . . . . . . . . . . . . . . . . . . . . . . . . . . . . . . . . . . . . . . . . . . . . . . . . . . . . . . . . . . . . . . . . . . . . . . . . . . . . . . . . . . . . . . . . . . . . . . . . . . . . . . . . . . . . . . . . . . . . . . . . . . . . . . . . . . . . . . . . . . . . . . . . . . . . . . . . . . . . . . . . . . . . . . . . . . . . . . . . . . . . . . . . . . . . . . . . . . . . . . . . . . . . . . . . . . . 24
Smoke / Odor . . . . . . . . . . . . . . . . . . . . . . . . . . . . . . . . . . . . . . . . . . . . . . . . . . . . . . . . . . . . . . . . . . . . . . . . . . . . . . . . . . . . . . . . . . . . . . . . . . . . . . . . . . . . . . . . . . . . . . . . . . . . . . . . . . . . . . . . . . . . . . . . . . . . . . . . . . . . . . . . . . . . . . . . . . . . . . . . . . . . . . . . . . . . . . . . . . . . . . . . . . . . . . . . . . . . . . . . . . . . . . . . . . . . . . . . . . . . . . . . . . . . . . . . . . . . . . . . . . . . . . . . . . . . . . . . . . . . . . . . . . . . . . . . . . . . . . . . . . . . . . . . . . . . . . . . . . . . . . . . . . . . . . . . . . . . . . . . . . . . . . . . . . . . . . . . . . . . . . . . . . . . . . . . . . . . . . . . . . . . . . . . . . . . . . . . . . . . . . . . 24
Operational Conditions . . . . . . . . . . . . . . . . . . . . . . . . . . . . . . . . . . . . . . . . . . . . . . . . . . . . . . . . . . . . . . . . . . . . . . . . . . . . . . . . . . . . . . . . . . . . . . . . . . . . . . . . . . . . . . . . . . . . . . . . . . . . . . . . . . . . . . . . . . . . . . . . . . . . . . . . . . . . . . . . . . . . . . . . . . . . . . . . . . . . . . . . . . . . . . . . . . . . . . . . . . . . . . . . . . . . . . . . . . . . . . . . . . . . . . . . . . . . . . . . . . . . . . . . . . . . . . . . . . . . . . . . . . . . . . . . . . . . . . . . . . . . . . . . . . . . . . . . . . . . . . . . . . . . . . . . . . . . . . . . . . . . . . . . . . . . . . . . . . . . . . . . . . . . . . . . . . . . . . . . . . . . . . . . . . . . . . . . . . . . . . . . . . . . . . . . . . . . . . . . 24-25
Smelly Odor . . . . . . . . . . . . . . . . . . . . . . . . . . . . . . . . . . . . . . . . . . . . . . . . . . . . . . . . . . . . . . . . . . . . . . . . . . . . . . . . . . . . . . . . . . . . . . . . . . . . . . . . . . . . . . . . . . . . . . . . . . . . . . . . . . . . . . . . . . . . . . . . . . . . . . . . . . . . . . . . . . . . . . . . . . . . . . . . . . . . . . . . . . . . . . . . . . . . . . . . . . . . . . . . . . . . . . . . . . . . . . . . . . . . . . . . . . . . . . . . . . . . . . . . . . . . . . . . . . . . . . . . . . . . . . . . . . . . . . . . . . . . . . . . . . . . . . . . . . . . . . . . . . . . . . . . . . . . . . . . . . . . . . . . . . . . . . . . . . . . . . . . . . . . . . . . . . . . . . . . . . . . . . . . . . . . . . . . . . . . . . . . . . . . . . . . . . . . . . . . 24
Air in Hot Water Faucets . . . . . . . . . . . . . . . . . . . . . . . . . . . . . . . . . . . . . . . . . . . . . . . . . . . . . . . . . . . . . . . . . . . . . . . . . . . . . . . . . . . . . . . . . . . . . . . . . . . . . . . . . . . . . . . . . . . . . . . . . . . . . . . . . . . . . . . . . . . . . . . . . . . . . . . . . . . . . . . . . . . . . . . . . . . . . . . . . . . . . . . . . . . . . . . . . . . . . . . . . . . . . . . . . . . . . . . . . . . . . . . . . . . . . . . . . . . . . . . . . . . . . . . . . . . . . . . . . . . . . . . . . . . . . . . . . . . . . . . . . . . . . . . . . . . . . . . . . . . . . . . . . . . . . . . . . . . . . . . . . . . . . . . . . . . . . . . . . . . . . . . . . . . . . . . . . . . . . . . . . . . . . . . . . . . . . . . . . . . . . . . . . . . . . . . . . . . . . . . . 25
High Temperature Shut-Off System . . . . . . . . . . . . . . . . . . . . . . . . . . . . . . . . . . . . . . . . . . . . . . . . . . . . . . . . . . . . . . . . . . . . . . . . . . . . . . . . . . . . . . . . . . . . . . . . . . . . . . . . . . . . . . . . . . . . . . . . . . . . . . . . . . . . . . . . . . . . . . . . . . . . . . . . . . . . . . . . . . . . . . . . . . . . . . . . . . . . . . . . . . . . . . . . . . . . . . . . . . . . . . . . . . . . . . . . . . . . . . . . . . . . . . . . . . . . . . . . . . . . . . . . . . . . . . . . . . . . . . . . . . . . . . . . . . . . . . . . . . . . . . . . . . . . . . . . . . . . . . . . . . . . . . . . . . . . . . . . . . . . . . . . . . . . . . . . . . . . . . . . . . . . . . . . . . . . . . . . . . . . . . . . . . . . . . . . . . . . . . . . . . . . . . . . . . . . . . . . 24
Leakage Checkpoints . . . . . . . . . . . . . . . . . . . . . . . . . . . . . . . . . . . . . . . . . . . . . . . . . . . . . . . . . . . . . . . . . . . . . . . . . . . . . . . . . . . . . . . . . . . . . . . . . . . . . . . . . . . . . . . . . . . . . . . . . . . . . . . . . . . . . . . . . . . . . . . . . . . . . . . . . . . . . . . . . . . . . . . . . . . . . . . . . . . . . . . . . . . . . . . . . . . . . . . . . . . . . . . . . . . . . . . . . . . . . . . . . . . . . . . . . . . . . . . . . . . . . . . . . . . . . . . . . . . . . . . . . . . . . . . . . . . . . . . . . . . . . . . . . . . . . . . . . . . . . . . . . . . . . . . . . . . . . . . . . . . . . . . . . . . . . . . . . . . . . . . . . . . . . . . . . . . . . . . . . . . . . . . . . . . . . . . . . . . . . . . . . . . . . . . . . . . . . . . . 25
Troubleshooting Items . . . . . . . . . . . . . . . . . . . . . . . . . . . . . . . . . . . . . . . . . . . . . . . . . . . . . . . . . . . . . . . . . . . . . . . . . . . . . . . . . . . . . . . . . . . . . . . . . . . . . . . . . . . . . . . . . . . . . . . . . . . . . . . . . . . . . . . . . . . . . . . . . . . . . . . . . . . . . . . . . . . . . . . . . . . . . . . . . . . . . . . . . . . . . . . . . . . . . . . . . . . . . . . . . . . . . . . . . . . . . . . . . . . . . . . . . . . . . . . . . . . . . . . . . . . . . . . . . . . . . . . . . . . . . . . . . . . . . . . . . . . . . . . . . . . . . . . . . . . . . . . . . . . . . . . . . . . . . . . . . . . . . . . . . . . . . . . . . . . . . . . . . . . . . . . . . . . . . . . . . . . . . . . . . . . . . . . . . . . . . . . . . . . . . . . . . . . . . . . . 26
PARTS ORDER LIST . . . . . . . . . . . . . . . . . . . . . . . . . . . . . . . . . . . . . . . . . . . . . . . . . . . . . . . . . . . . . . . . . . . . . . . . . . . . . . . . . . . . . . . . . . . . . . . . . . . . . . . . . . . . . . . . . . . . . . . . . . . . . . . . . . . . . . . . . . . . . . . . . . . . . . . . . . . . . . . . . . . . . . . . . . . . . . . . . . . . . . . . . . . . . . . . . . . . . . . . . . . . . . . . . . . . . . . . . . . . . . . . . . . . . . . . . . . . . . . . . . . . . . . . . . . . . . . . . . . . . . . . . . . . . . . . . . . . . . . . . . . . . . . . . . . . . . . . . . . . . . . . . . . . . . . . . . . . . . . . . . . . . . . . . . . . . . . . . . . . . . . . . . . . . . . . . . . . . . . . . . . . . . . . . . . . . . . . . . . . . . . . . . . . . . . . . . . . . . . . 27
WARRANTY . . . . . . . . . . . . . . . . . . . . . . . . . . . . . . . . . . . . . . . . . . . . . . . . . . . . . . . . . . . . . . . . . . . . . . . . . . . . . . . . . . . . . . . . . . . . . . . . . . . . . . . . . . . . . . . . . . . . . . . . . . . . . . . . . . . . . . . . . . . . . . . . . . . . . . . . . . . . . . . . . . . . . . . . . . . . . . . . . . . . . . . . . . . . . . . . . . . . . . . . . . . . . . . . . . . . . . . . . . . . . . . . . . . . . . . . . . . . . . . . . . . . . . . . . . . . . . . . . . . . . . . . . . . . . . . . . . . . . . . . . . . . . . . . . . . . . . . . . . . . . . . . . . . . . . . . . . . . . . . . . . . . . . . . . . . . . . . . . . . . . . . . . . . . . . . . . . . . . . . . . . . . . . . . . . . . . . . . . . . . . . . . . . . . . . . . . . . . . . . . 28
4
